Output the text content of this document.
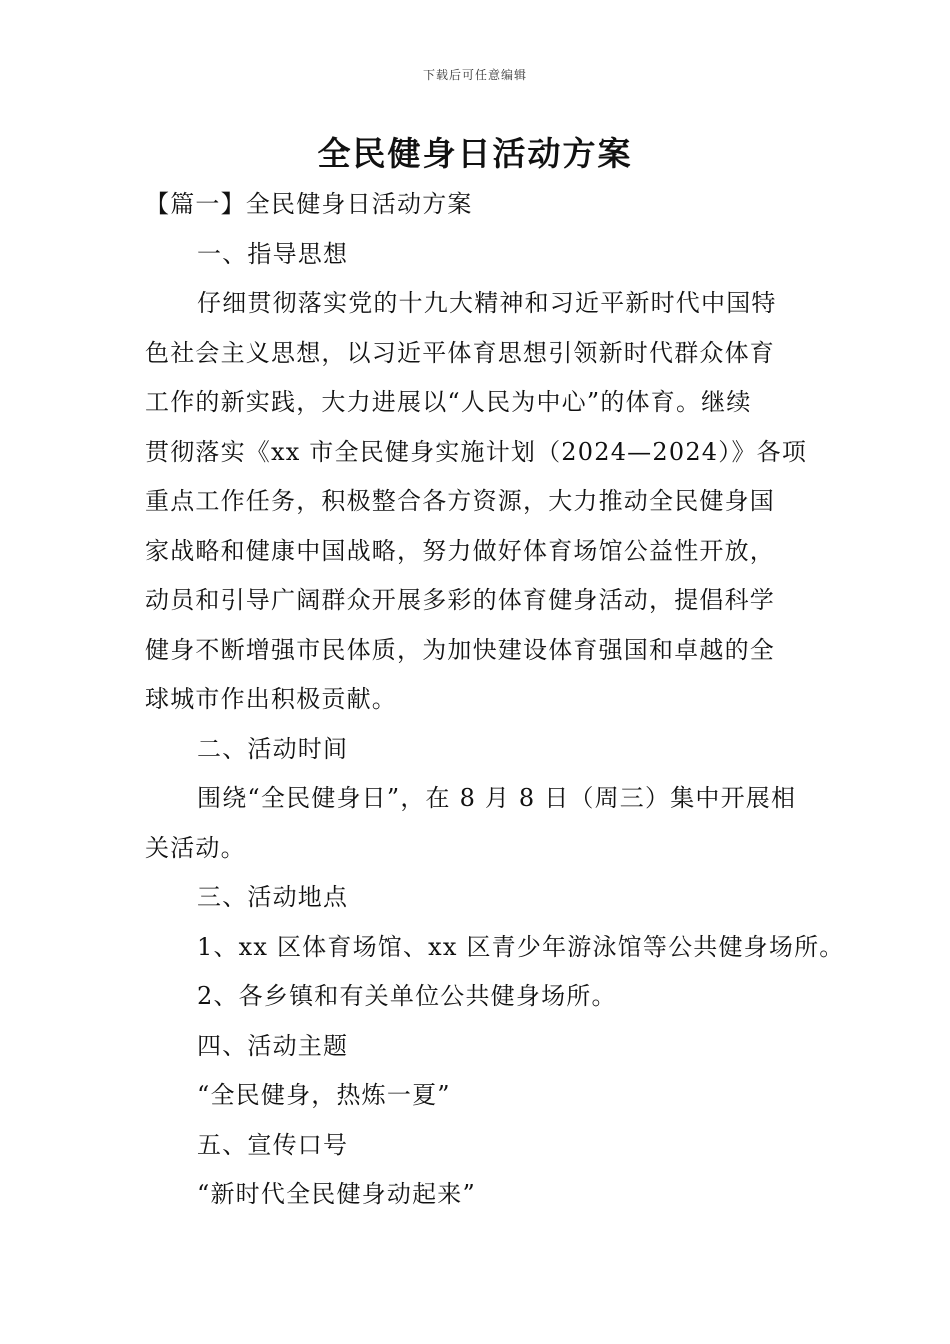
下载后可任意编辑
全民健身日活动方案
【篇一】全民健身日活动方案
一、指导思想
仔细贯彻落实党的十九大精神和习近平新时代中国特
色社会主义思想，以习近平体育思想引领新时代群众体育
工作的新实践，大力进展以“人民为中心”的体育。继续
贯彻落实《xx 市全民健身实施计划（2024—2024）》各项
重点工作任务，积极整合各方资源，大力推动全民健身国
家战略和健康中国战略，努力做好体育场馆公益性开放，
动员和引导广阔群众开展多彩的体育健身活动，提倡科学
健身不断增强市民体质，为加快建设体育强国和卓越的全
球城市作出积极贡献。
二、活动时间
围绕“全民健身日”，在 8 月 8 日（周三）集中开展相
关活动。
三、活动地点
1、xx 区体育场馆、xx 区青少年游泳馆等公共健身场所。
2、各乡镇和有关单位公共健身场所。
四、活动主题
“全民健身，热炼一夏”
五、宣传口号
“新时代全民健身动起来”
